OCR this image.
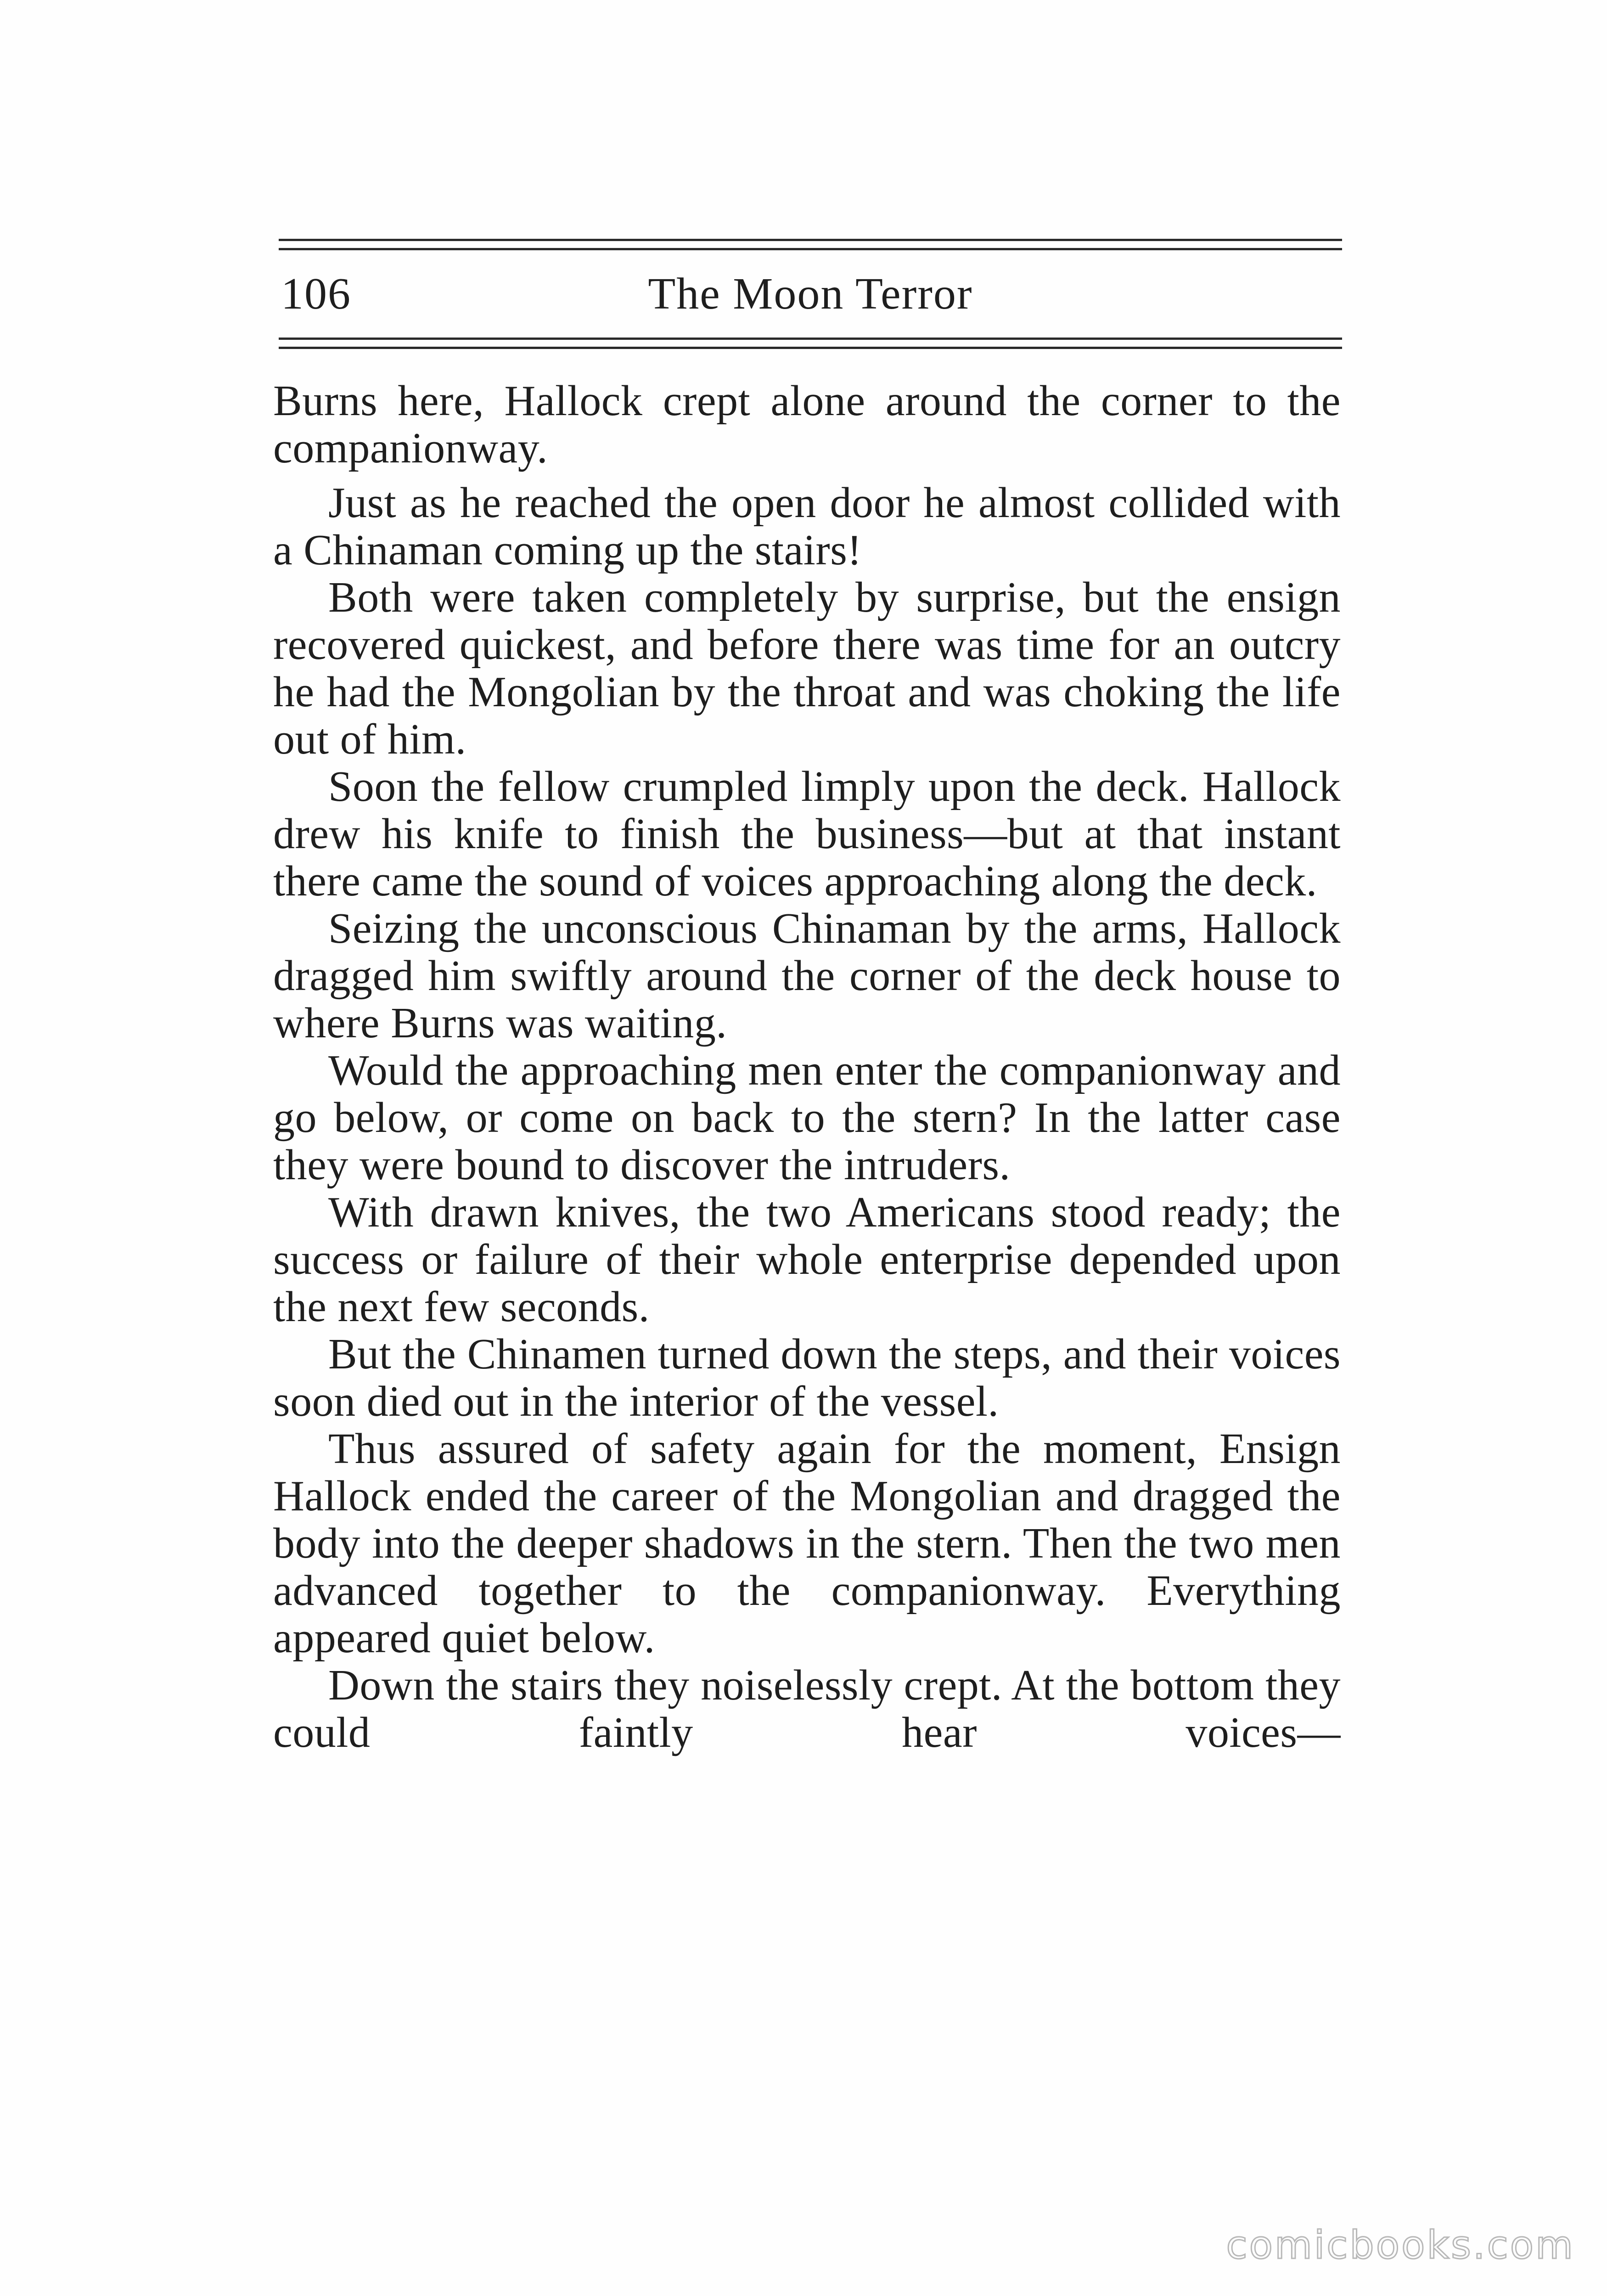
106	The Moon Terror

Burns here, Hallock crept alone around the corner to the companionway.

Just as he reached the open door he almost collided with a Chinaman coming up the stairs!

Both were taken completely by surprise, but the ensign recovered quickest, and before there was time for an outcry he had the Mongolian by the throat and was choking the life out of him.

Soon the fellow crumpled limply upon the deck. Hallock drew his knife to finish the business—but at that instant there came the sound of voices approaching along the deck.

Seizing the unconscious Chinaman by the arms, Hallock dragged him swiftly around the corner of the deck house to where Burns was waiting.

Would the approaching men enter the companionway and go below, or come on back to the stern? In the latter case they were bound to discover the intruders.

With drawn knives, the two Americans stood ready; the success or failure of their whole enterprise depended upon the next few seconds.

But the Chinamen turned down the steps, and their voices soon died out in the interior of the vessel.

Thus assured of safety again for the moment, Ensign Hallock ended the career of the Mongolian and dragged the body into the deeper shadows in the stern. Then the two men advanced together to the companionway. Everything appeared quiet below.

Down the stairs they noiselessly crept. At the bottom they could faintly hear voices—

comicbooks.com
